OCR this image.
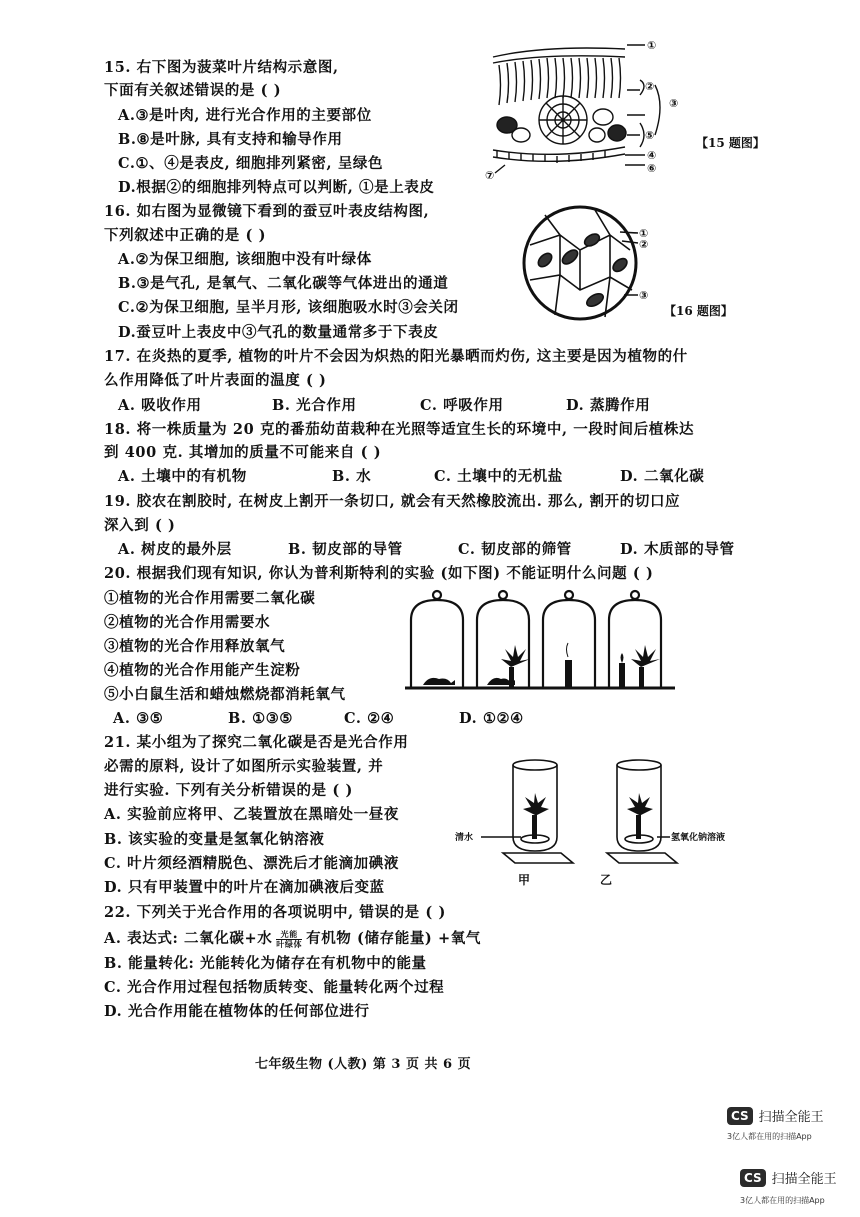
15. 右下图为菠菜叶片结构示意图,
下面有关叙述错误的是 ( )
A.③是叶肉, 进行光合作用的主要部位
B.⑧是叶脉, 具有支持和输导作用
C.①、④是表皮, 细胞排列紧密, 呈绿色
D.根据②的细胞排列特点可以判断, ①是上表皮
①
②
③
⑤
④
⑥
⑦
【15 题图】
16. 如右图为显微镜下看到的蚕豆叶表皮结构图,
下列叙述中正确的是 ( )
A.②为保卫细胞, 该细胞中没有叶绿体
B.③是气孔, 是氧气、二氧化碳等气体进出的通道
C.②为保卫细胞, 呈半月形, 该细胞吸水时③会关闭
D.蚕豆叶上表皮中③气孔的数量通常多于下表皮
①
②
③
【16 题图】
17. 在炎热的夏季, 植物的叶片不会因为炽热的阳光暴晒而灼伤, 这主要是因为植物的什
么作用降低了叶片表面的温度 ( )
A. 吸收作用	B. 光合作用	C. 呼吸作用	D. 蒸腾作用
18. 将一株质量为 20 克的番茄幼苗栽种在光照等适宜生长的环境中, 一段时间后植株达
到 400 克. 其增加的质量不可能来自 ( )
A. 土壤中的有机物	B. 水	C. 土壤中的无机盐	D. 二氧化碳
19. 胶农在割胶时, 在树皮上割开一条切口, 就会有天然橡胶流出. 那么, 割开的切口应
深入到 ( )
A. 树皮的最外层	B. 韧皮部的导管	C. 韧皮部的筛管	D. 木质部的导管
20. 根据我们现有知识, 你认为普利斯特利的实验 (如下图) 不能证明什么问题 ( )
①植物的光合作用需要二氧化碳
②植物的光合作用需要水
③植物的光合作用释放氧气
④植物的光合作用能产生淀粉
⑤小白鼠生活和蜡烛燃烧都消耗氧气
A. ③⑤	B. ①③⑤	C. ②④	D. ①②④
21. 某小组为了探究二氧化碳是否是光合作用
必需的原料, 设计了如图所示实验装置, 并
进行实验. 下列有关分析错误的是 ( )
A. 实验前应将甲、乙装置放在黑暗处一昼夜
B. 该实验的变量是氢氧化钠溶液
C. 叶片须经酒精脱色、漂洗后才能滴加碘液
D. 只有甲装置中的叶片在滴加碘液后变蓝
清水	氢氧化钠溶液
甲	乙
22. 下列关于光合作用的各项说明中, 错误的是 ( )
A. 表达式: 二氧化碳+水 $\frac{\text{光能}}{\text{叶绿体}}$ 有机物 (储存能量) +氧气
B. 能量转化: 光能转化为储存在有机物中的能量
C. 光合作用过程包括物质转变、能量转化两个过程
D. 光合作用能在植物体的任何部位进行
七年级生物 (人教) 第 3 页 共 6 页
CS 扫描全能王
3亿人都在用的扫描App
CS 扫描全能王
3亿人都在用的扫描App
